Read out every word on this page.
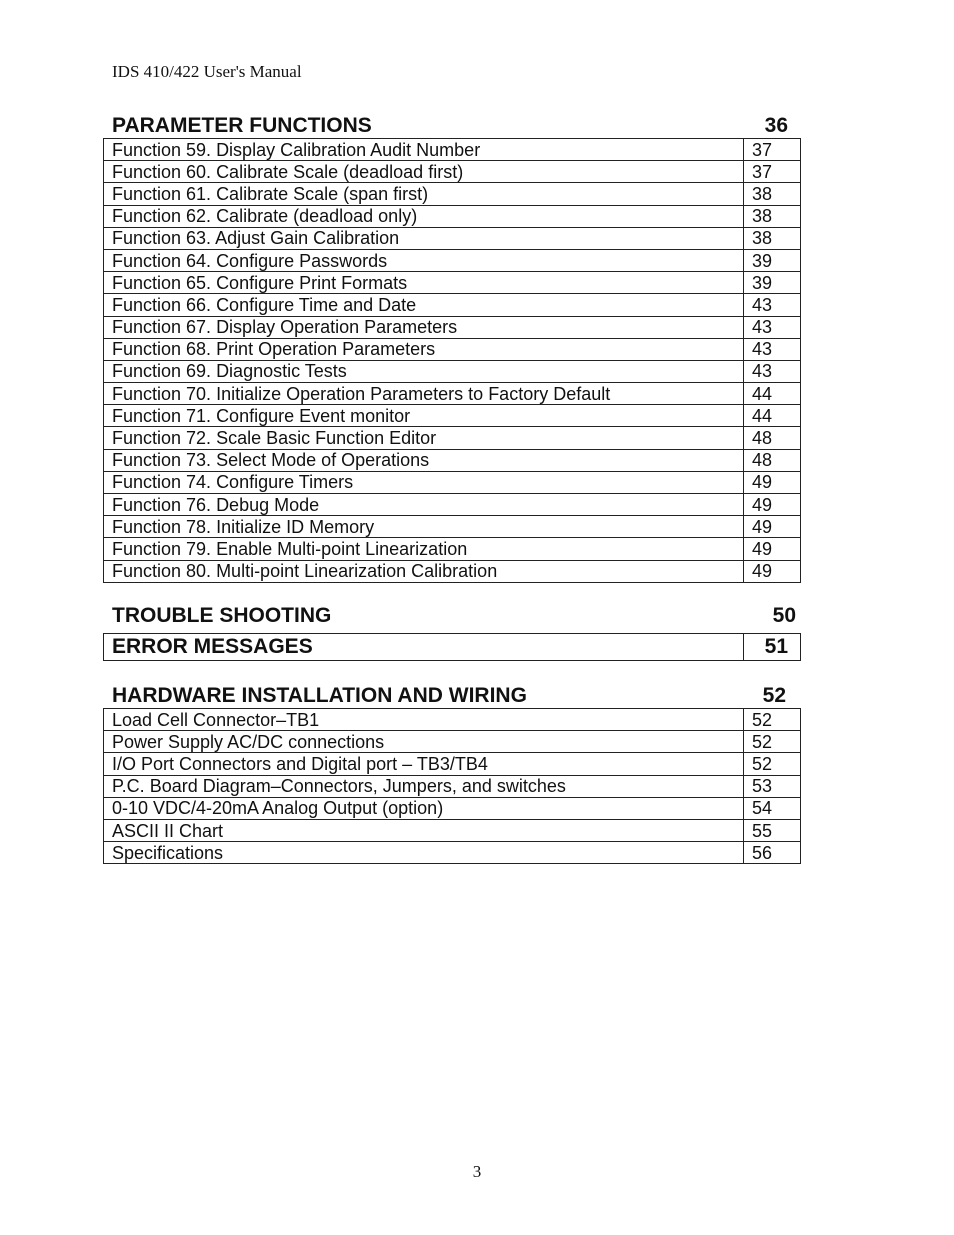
IDS 410/422 User's Manual
PARAMETER FUNCTIONS	36
Function 59. Display Calibration Audit Number	37
Function 60. Calibrate Scale (deadload first)	37
Function 61. Calibrate Scale (span first)	38
Function 62. Calibrate (deadload only)	38
Function 63. Adjust Gain Calibration	38
Function 64. Configure Passwords	39
Function 65. Configure Print Formats	39
Function 66. Configure Time and Date	43
Function 67. Display Operation Parameters	43
Function 68. Print Operation Parameters	43
Function 69. Diagnostic Tests	43
Function 70. Initialize Operation Parameters to Factory Default	44
Function 71. Configure Event monitor	44
Function 72. Scale Basic Function Editor	48
Function 73. Select Mode of Operations	48
Function 74. Configure Timers	49
Function 76. Debug Mode	49
Function 78. Initialize ID Memory	49
Function 79. Enable Multi-point Linearization	49
Function 80. Multi-point Linearization Calibration	49
TROUBLE SHOOTING	50
ERROR MESSAGES	51
HARDWARE INSTALLATION AND WIRING	52
Load Cell Connector–TB1	52
Power Supply AC/DC connections	52
I/O Port Connectors and Digital port – TB3/TB4	52
P.C. Board Diagram–Connectors, Jumpers, and switches	53
0-10 VDC/4-20mA Analog Output (option)	54
ASCII II Chart	55
Specifications	56
3
